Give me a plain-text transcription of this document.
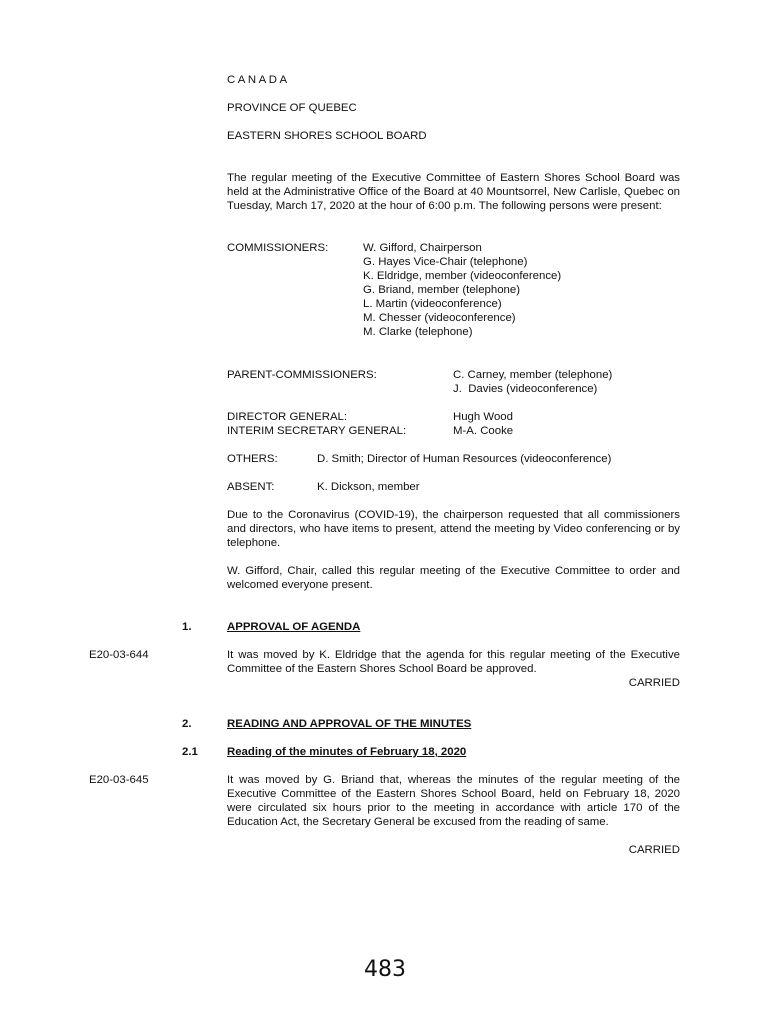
C A N A D A
PROVINCE OF QUEBEC
EASTERN SHORES SCHOOL BOARD
The regular meeting of the Executive Committee of Eastern Shores School Board was held at the Administrative Office of the Board at 40 Mountsorrel, New Carlisle, Quebec on Tuesday, March 17, 2020 at the hour of 6:00 p.m. The following persons were present:
COMMISSIONERS:	W. Gifford, Chairperson
G. Hayes Vice-Chair (telephone)
K. Eldridge, member (videoconference)
G. Briand, member (telephone)
L. Martin (videoconference)
M. Chesser (videoconference)
M. Clarke (telephone)
PARENT-COMMISSIONERS:	C. Carney, member (telephone)
J.  Davies (videoconference)
DIRECTOR GENERAL:	Hugh Wood
INTERIM SECRETARY GENERAL:	M-A. Cooke
OTHERS:	D. Smith; Director of Human Resources (videoconference)
ABSENT:	K. Dickson, member
Due to the Coronavirus (COVID-19), the chairperson requested that all commissioners and directors, who have items to present, attend the meeting by Video conferencing or by telephone.
W. Gifford, Chair, called this regular meeting of the Executive Committee to order and welcomed everyone present.
1.	APPROVAL OF AGENDA
E20-03-644	It was moved by K. Eldridge that the agenda for this regular meeting of the Executive Committee of the Eastern Shores School Board be approved.
CARRIED
2.	READING AND APPROVAL OF THE MINUTES
2.1	Reading of the minutes of February 18, 2020
E20-03-645	It was moved by G. Briand that, whereas the minutes of the regular meeting of the Executive Committee of the Eastern Shores School Board, held on February 18, 2020 were circulated six hours prior to the meeting in accordance with article 170 of the Education Act, the Secretary General be excused from the reading of same.
CARRIED
483
